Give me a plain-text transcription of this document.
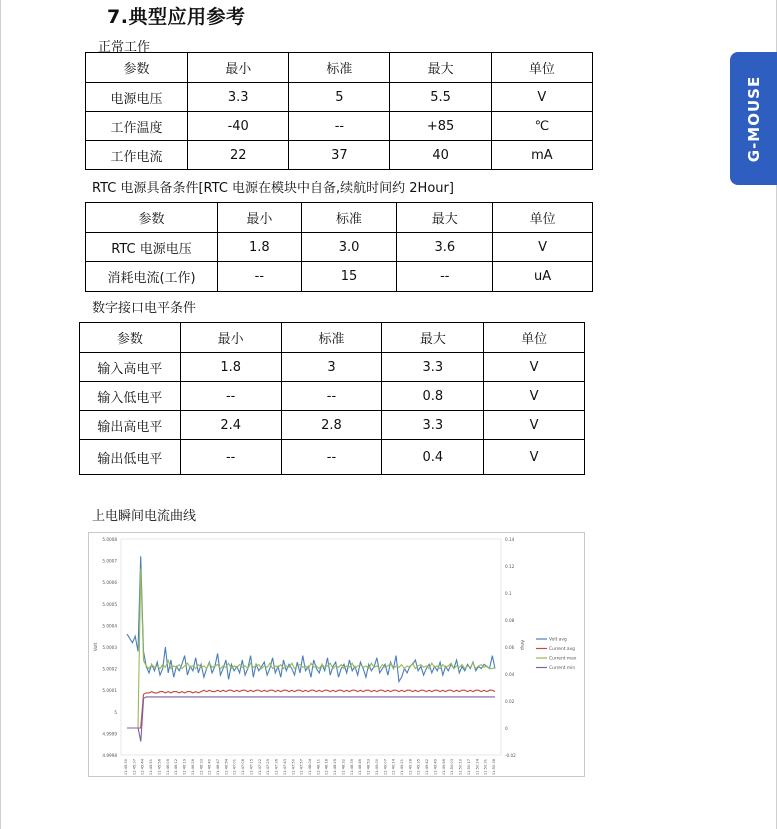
7.典型应用参考
G-MOUSE
正常工作
参数	最小	标准	最大	单位
电源电压	3.3	5	5.5	V
工作温度	-40	--	+85	℃
工作电流	22	37	40	mA
RTC 电源具备条件[RTC 电源在模块中自备,续航时间约 2Hour]
参数	最小	标准	最大	单位
RTC 电源电压	1.8	3.0	3.6	V
消耗电流(工作)	--	15	--	uA
数字接口电平条件
参数	最小	标准	最大	单位
输入高电平	1.8	3	3.3	V
输入低电平	--	--	0.8	V
输出高电平	2.4	2.8	3.3	V
输出低电平	--	--	0.4	V
上电瞬间电流曲线
5.0008
5.0007
5.0006
5.0005
5.0004
5.0003
5.0002
5.0001
5
4.9999
4.9998
0.14
0.12
0.1
0.08
0.06
0.04
0.02
0
-0.02
Volt	Amp
11:45:30 11:45:37 11:45:44 11:45:51 11:45:58 11:46:05 11:46:12 11:46:19 11:46:26 11:46:33 11:46:40 11:46:47 11:46:54 11:47:01 11:47:08 11:47:15 11:47:22 11:47:29 11:47:36 11:47:43 11:47:50 11:47:57 11:48:04 11:48:11 11:48:18 11:48:25 11:48:32 11:48:39 11:48:46 11:48:53 11:49:00 11:49:07 11:49:14 11:49:21 11:49:28 11:49:35 11:49:42 11:49:49 11:49:56 11:50:03 11:50:10 11:50:17 11:50:24 11:50:31 11:50:38
Volt avg
Current avg
Current max
Current min
